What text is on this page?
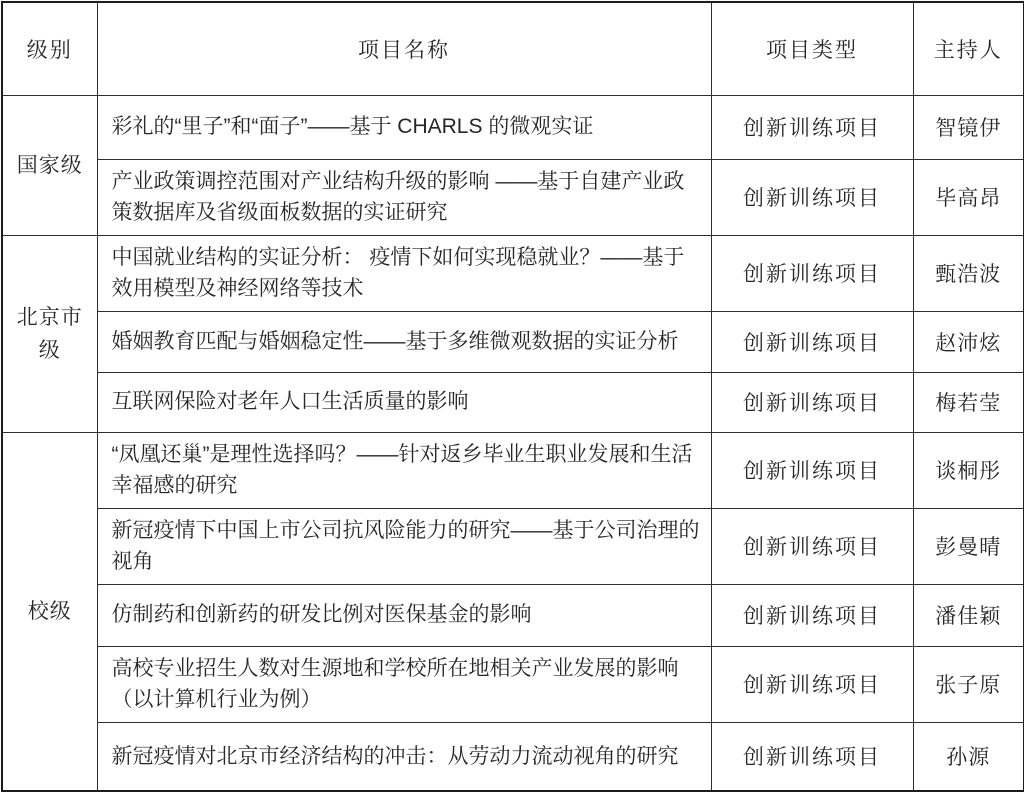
级别	项目名称	项目类型	主持人
国家级	彩礼的“里子”和“面子”——基于 CHARLS 的微观实证	创新训练项目	智镜伊
	产业政策调控范围对产业结构升级的影响 ——基于自建产业政策数据库及省级面板数据的实证研究	创新训练项目	毕高昂
北京市级	中国就业结构的实证分析： 疫情下如何实现稳就业？——基于效用模型及神经网络等技术	创新训练项目	甄浩波
	婚姻教育匹配与婚姻稳定性——基于多维微观数据的实证分析	创新训练项目	赵沛炫
	互联网保险对老年人口生活质量的影响	创新训练项目	梅若莹
校级	“凤凰还巢”是理性选择吗？——针对返乡毕业生职业发展和生活幸福感的研究	创新训练项目	谈桐彤
	新冠疫情下中国上市公司抗风险能力的研究——基于公司治理的视角	创新训练项目	彭曼晴
	仿制药和创新药的研发比例对医保基金的影响	创新训练项目	潘佳颖
	高校专业招生人数对生源地和学校所在地相关产业发展的影响（以计算机行业为例）	创新训练项目	张子原
	新冠疫情对北京市经济结构的冲击：从劳动力流动视角的研究	创新训练项目	孙源
